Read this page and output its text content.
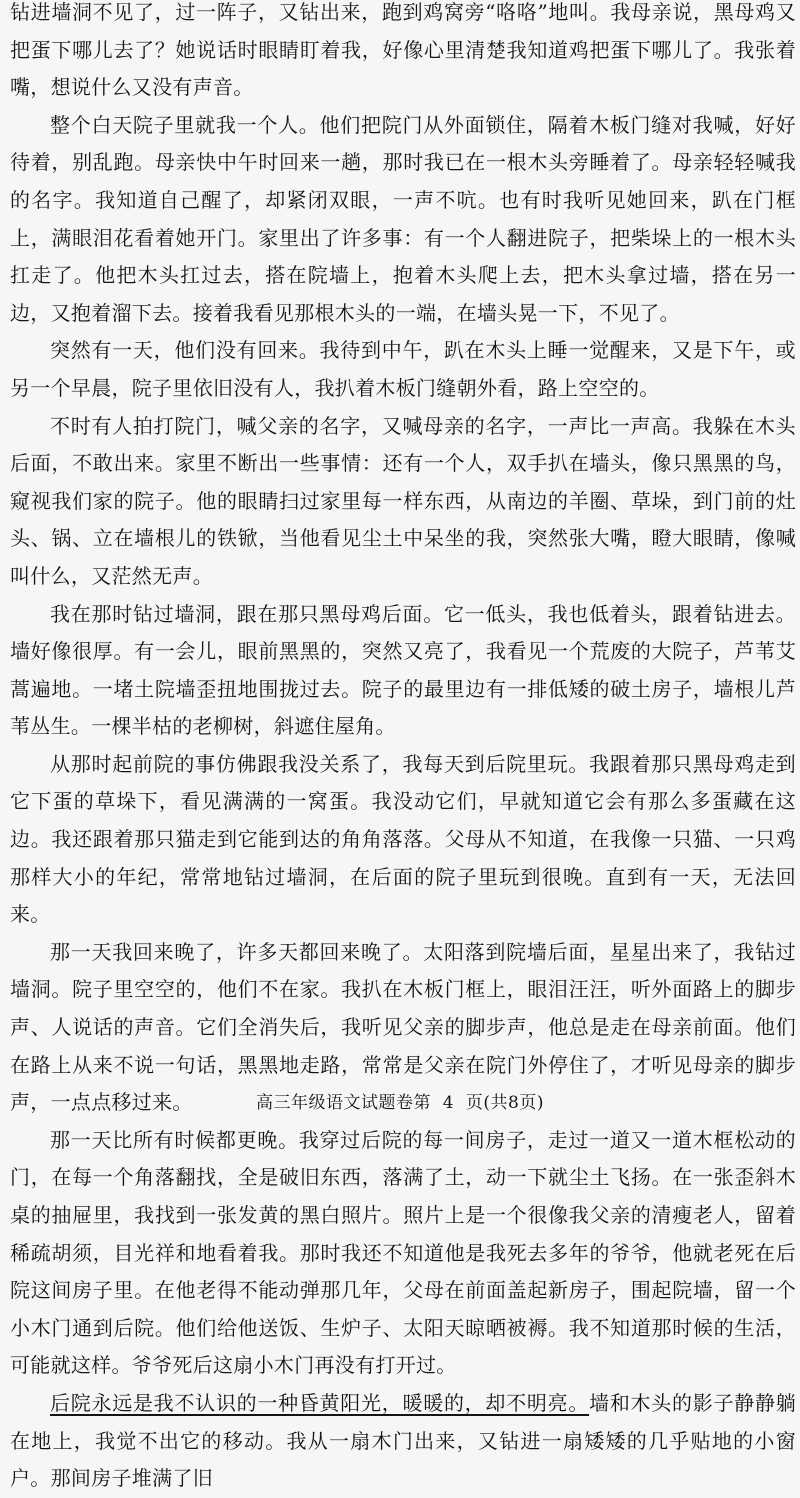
钻进墙洞不见了，过一阵子，又钻出来，跑到鸡窝旁“咯咯”地叫。我母亲说，黑母鸡又把蛋下哪儿去了？她说话时眼睛盯着我，好像心里清楚我知道鸡把蛋下哪儿了。我张着嘴，想说什么又没有声音。

整个白天院子里就我一个人。他们把院门从外面锁住，隔着木板门缝对我喊，好好待着，别乱跑。母亲快中午时回来一趟，那时我已在一根木头旁睡着了。母亲轻轻喊我的名字。我知道自己醒了，却紧闭双眼，一声不吭。也有时我听见她回来，趴在门框上，满眼泪花看着她开门。家里出了许多事：有一个人翻进院子，把柴垛上的一根木头扛走了。他把木头扛过去，搭在院墙上，抱着木头爬上去，把木头拿过墙，搭在另一边，又抱着溜下去。接着我看见那根木头的一端，在墙头晃一下，不见了。

突然有一天，他们没有回来。我待到中午，趴在木头上睡一觉醒来，又是下午，或另一个早晨，院子里依旧没有人，我扒着木板门缝朝外看，路上空空的。

不时有人拍打院门，喊父亲的名字，又喊母亲的名字，一声比一声高。我躲在木头后面，不敢出来。家里不断出一些事情：还有一个人，双手扒在墙头，像只黑黑的鸟，窥视我们家的院子。他的眼睛扫过家里每一样东西，从南边的羊圈、草垛，到门前的灶头、锅、立在墙根儿的铁锨，当他看见尘土中呆坐的我，突然张大嘴，瞪大眼睛，像喊叫什么，又茫然无声。

我在那时钻过墙洞，跟在那只黑母鸡后面。它一低头，我也低着头，跟着钻进去。墙好像很厚。有一会儿，眼前黑黑的，突然又亮了，我看见一个荒废的大院子，芦苇艾蒿遍地。一堵土院墙歪扭地围拢过去。院子的最里边有一排低矮的破土房子，墙根儿芦苇丛生。一棵半枯的老柳树，斜遮住屋角。

从那时起前院的事仿佛跟我没关系了，我每天到后院里玩。我跟着那只黑母鸡走到它下蛋的草垛下，看见满满的一窝蛋。我没动它们，早就知道它会有那么多蛋藏在这边。我还跟着那只猫走到它能到达的角角落落。父母从不知道，在我像一只猫、一只鸡那样大小的年纪，常常地钻过墙洞，在后面的院子里玩到很晚。直到有一天，无法回来。

那一天我回来晚了，许多天都回来晚了。太阳落到院墙后面，星星出来了，我钻过墙洞。院子里空空的，他们不在家。我扒在木板门框上，眼泪汪汪，听外面路上的脚步声、人说话的声音。它们全消失后，我听见父亲的脚步声，他总是走在母亲前面。他们在路上从来不说一句话，黑黑地走路，常常是父亲在院门外停住了，才听见母亲的脚步声，一点点移过来。

那一天比所有时候都更晚。我穿过后院的每一间房子，走过一道又一道木框松动的门，在每一个角落翻找，全是破旧东西，落满了土，动一下就尘土飞扬。在一张歪斜木桌的抽屉里，我找到一张发黄的黑白照片。照片上是一个很像我父亲的清瘦老人，留着稀疏胡须，目光祥和地看着我。那时我还不知道他是我死去多年的爷爷，他就老死在后院这间房子里。在他老得不能动弹那几年，父母在前面盖起新房子，围起院墙，留一个小木门通到后院。他们给他送饭、生炉子、太阳天晾晒被褥。我不知道那时候的生活，可能就这样。爷爷死后这扇小木门再没有打开过。

后院永远是我不认识的一种昏黄阳光，暖暖的，却不明亮。墙和木头的影子静静躺在地上，我觉不出它的移动。我从一扇木门出来，又钻进一扇矮矮的几乎贴地的小窗户。那间房子堆满了旧

高三年级语文试题卷第 4 页(共8页)
